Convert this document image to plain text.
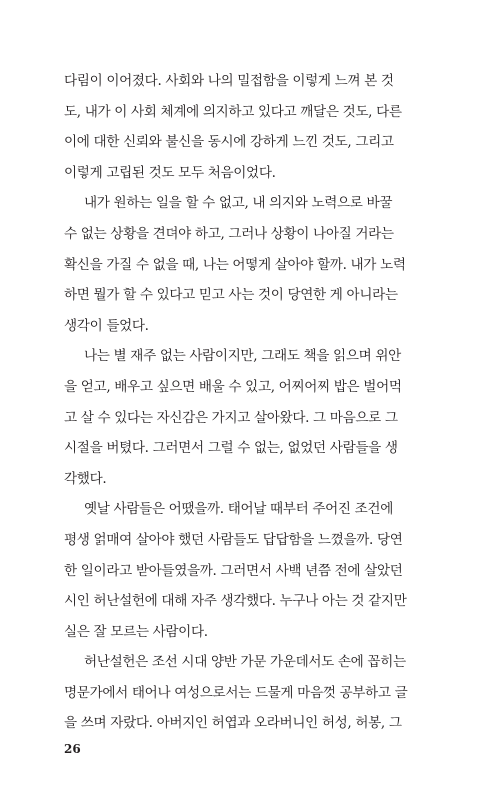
다림이 이어졌다. 사회와 나의 밀접함을 이렇게 느껴 본 것
도, 내가 이 사회 체계에 의지하고 있다고 깨달은 것도, 다른
이에 대한 신뢰와 불신을 동시에 강하게 느낀 것도, 그리고
이렇게 고립된 것도 모두 처음이었다.

내가 원하는 일을 할 수 없고, 내 의지와 노력으로 바꿀
수 없는 상황을 견뎌야 하고, 그러나 상황이 나아질 거라는
확신을 가질 수 없을 때, 나는 어떻게 살아야 할까. 내가 노력
하면 뭘가 할 수 있다고 믿고 사는 것이 당연한 게 아니라는
생각이 들었다.

나는 별 재주 없는 사람이지만, 그래도 책을 읽으며 위안
을 얻고, 배우고 싶으면 배울 수 있고, 어찌어찌 밥은 벌어먹
고 살 수 있다는 자신감은 가지고 살아왔다. 그 마음으로 그
시절을 버텼다. 그러면서 그럴 수 없는, 없었던 사람들을 생
각했다.

옛날 사람들은 어땠을까. 태어날 때부터 주어진 조건에
평생 얽매여 살아야 했던 사람들도 답답함을 느꼈을까. 당연
한 일이라고 받아들였을까. 그러면서 사백 년쯤 전에 살았던
시인 허난설헌에 대해 자주 생각했다. 누구나 아는 것 같지만
실은 잘 모르는 사람이다.

허난설헌은 조선 시대 양반 가문 가운데서도 손에 꼽히는
명문가에서 태어나 여성으로서는 드물게 마음껏 공부하고 글
을 쓰며 자랐다. 아버지인 허엽과 오라버니인 허성, 허봉, 그

26
